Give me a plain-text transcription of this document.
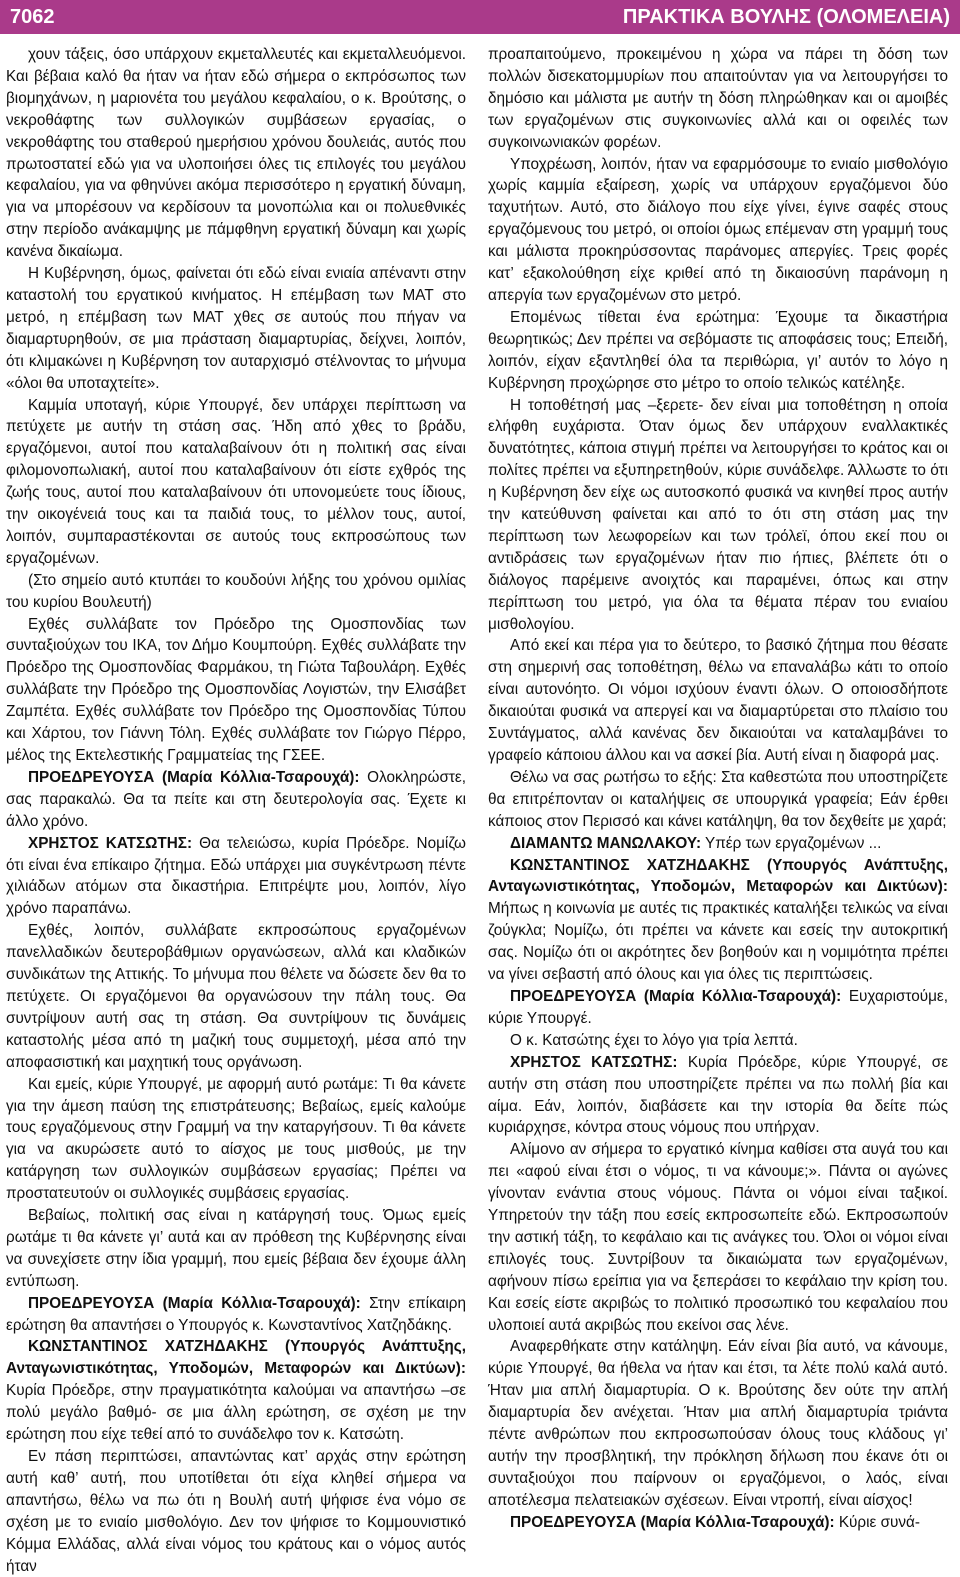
7062	ΠΡΑΚΤΙΚΑ ΒΟΥΛΗΣ (ΟΛΟΜΕΛΕΙΑ)

χουν τάξεις, όσο υπάρχουν εκμεταλλευτές και εκμεταλλευόμενοι. Και βέβαια καλό θα ήταν να ήταν εδώ σήμερα ο εκπρόσωπος των βιομηχάνων, η μαριονέτα του μεγάλου κεφαλαίου, ο κ. Βρούτσης, ο νεκροθάφτης των συλλογικών συμβάσεων εργασίας, ο νεκροθάφτης του σταθερού ημερήσιου χρόνου δουλειάς, αυτός που πρωτοστατεί εδώ για να υλοποιήσει όλες τις επιλογές του μεγάλου κεφαλαίου, για να φθηνύνει ακόμα περισσότερο η εργατική δύναμη, για να μπορέσουν να κερδίσουν τα μονοπώλια και οι πολυεθνικές στην περίοδο ανάκαμψης με πάμφθηνη εργατική δύναμη και χωρίς κανένα δικαίωμα.

Η Κυβέρνηση, όμως, φαίνεται ότι εδώ είναι ενιαία απέναντι στην καταστολή του εργατικού κινήματος. Η επέμβαση των ΜΑΤ στο μετρό, η επέμβαση των ΜΑΤ χθες σε αυτούς που πήγαν να διαμαρτυρηθούν, σε μια πράσταση διαμαρτυρίας, δείχνει, λοιπόν, ότι κλιμακώνει η Κυβέρνηση τον αυταρχισμό στέλνοντας το μήνυμα «όλοι θα υποταχτείτε».

Καμμία υποταγή, κύριε Υπουργέ, δεν υπάρχει περίπτωση να πετύχετε με αυτήν τη στάση σας. Ήδη από χθες το βράδυ, εργαζόμενοι, αυτοί που καταλαβαίνουν ότι η πολιτική σας είναι φιλομονοπωλιακή, αυτοί που καταλαβαίνουν ότι είστε εχθρός της ζωής τους, αυτοί που καταλαβαίνουν ότι υπονομεύετε τους ίδιους, την οικογένειά τους και τα παιδιά τους, το μέλλον τους, αυτοί, λοιπόν, συμπαραστέκονται σε αυτούς τους εκπροσώπους των εργαζομένων.

(Στο σημείο αυτό κτυπάει το κουδούνι λήξης του χρόνου ομιλίας του κυρίου Βουλευτή)

Εχθές συλλάβατε τον Πρόεδρο της Ομοσπονδίας των συνταξιούχων του ΙΚΑ, τον Δήμο Κουμπούρη. Εχθές συλλάβατε την Πρόεδρο της Ομοσπονδίας Φαρμάκου, τη Γιώτα Ταβουλάρη. Εχθές συλλάβατε την Πρόεδρο της Ομοσπονδίας Λογιστών, την Ελισάβετ Ζαμπέτα. Εχθές συλλάβατε τον Πρόεδρο της Ομοσπονδίας Τύπου και Χάρτου, τον Γιάννη Τόλη. Εχθές συλλάβατε τον Γιώργο Πέρρο, μέλος της Εκτελεστικής Γραμματείας της ΓΣΕΕ.

ΠΡΟΕΔΡΕΥΟΥΣΑ (Μαρία Κόλλια-Τσαρουχά): Ολοκληρώστε, σας παρακαλώ. Θα τα πείτε και στη δευτερολογία σας. Έχετε κι άλλο χρόνο.

ΧΡΗΣΤΟΣ ΚΑΤΣΩΤΗΣ: Θα τελειώσω, κυρία Πρόεδρε. Νομίζω ότι είναι ένα επίκαιρο ζήτημα. Εδώ υπάρχει μια συγκέντρωση πέντε χιλιάδων ατόμων στα δικαστήρια. Επιτρέψτε μου, λοιπόν, λίγο χρόνο παραπάνω.

Εχθές, λοιπόν, συλλάβατε εκπροσώπους εργαζομένων πανελλαδικών δευτεροβάθμιων οργανώσεων, αλλά και κλαδικών συνδικάτων της Αττικής. Το μήνυμα που θέλετε να δώσετε δεν θα το πετύχετε. Οι εργαζόμενοι θα οργανώσουν την πάλη τους. Θα συντρίψουν αυτή σας τη στάση. Θα συντρίψουν τις δυνάμεις καταστολής μέσα από τη μαζική τους συμμετοχή, μέσα από την αποφασιστική και μαχητική τους οργάνωση.

Και εμείς, κύριε Υπουργέ, με αφορμή αυτό ρωτάμε: Τι θα κάνετε για την άμεση παύση της επιστράτευσης; Βεβαίως, εμείς καλούμε τους εργαζόμενους στην Γραμμή να την καταργήσουν. Τι θα κάνετε για να ακυρώσετε αυτό το αίσχος με τους μισθούς, με την κατάργηση των συλλογικών συμβάσεων εργασίας; Πρέπει να προστατευτούν οι συλλογικές συμβάσεις εργασίας.

Βεβαίως, πολιτική σας είναι η κατάργησή τους. Όμως εμείς ρωτάμε τι θα κάνετε γι’ αυτά και αν πρόθεση της Κυβέρνησης είναι να συνεχίσετε στην ίδια γραμμή, που εμείς βέβαια δεν έχουμε άλλη εντύπωση.

ΠΡΟΕΔΡΕΥΟΥΣΑ (Μαρία Κόλλια-Τσαρουχά): Στην επίκαιρη ερώτηση θα απαντήσει ο Υπουργός κ. Κωνσταντίνος Χατζηδάκης.

ΚΩΝΣΤΑΝΤΙΝΟΣ ΧΑΤΖΗΔΑΚΗΣ (Υπουργός Ανάπτυξης, Ανταγωνιστικότητας, Υποδομών, Μεταφορών και Δικτύων): Κυρία Πρόεδρε, στην πραγματικότητα καλούμαι να απαντήσω –σε πολύ μεγάλο βαθμό- σε μια άλλη ερώτηση, σε σχέση με την ερώτηση που είχε τεθεί από το συνάδελφο τον κ. Κατσώτη.

Εν πάση περιπτώσει, απαντώντας κατ’ αρχάς στην ερώτηση αυτή καθ’ αυτή, που υποτίθεται ότι είχα κληθεί σήμερα να απαντήσω, θέλω να πω ότι η Βουλή αυτή ψήφισε ένα νόμο σε σχέση με το ενιαίο μισθολόγιο. Δεν τον ψήφισε το Κομμουνιστικό Κόμμα Ελλάδας, αλλά είναι νόμος του κράτους και ο νόμος αυτός ήταν

προαπαιτούμενο, προκειμένου η χώρα να πάρει τη δόση των πολλών δισεκατομμυρίων που απαιτούνταν για να λειτουργήσει το δημόσιο και μάλιστα με αυτήν τη δόση πληρώθηκαν και οι αμοιβές των εργαζομένων στις συγκοινωνίες αλλά και οι οφειλές των συγκοινωνιακών φορέων.

Υποχρέωση, λοιπόν, ήταν να εφαρμόσουμε το ενιαίο μισθολόγιο χωρίς καμμία εξαίρεση, χωρίς να υπάρχουν εργαζόμενοι δύο ταχυτήτων. Αυτό, στο διάλογο που είχε γίνει, έγινε σαφές στους εργαζόμενους του μετρό, οι οποίοι όμως επέμεναν στη γραμμή τους και μάλιστα προκηρύσσοντας παράνομες απεργίες. Τρεις φορές κατ’ εξακολούθηση είχε κριθεί από τη δικαιοσύνη παράνομη η απεργία των εργαζομένων στο μετρό.

Επομένως τίθεται ένα ερώτημα: Έχουμε τα δικαστήρια θεωρητικώς; Δεν πρέπει να σεβόμαστε τις αποφάσεις τους; Επειδή, λοιπόν, είχαν εξαντληθεί όλα τα περιθώρια, γι’ αυτόν το λόγο η Κυβέρνηση προχώρησε στο μέτρο το οποίο τελικώς κατέληξε.

Η τοποθέτησή μας –ξερετε- δεν είναι μια τοποθέτηση η οποία ελήφθη ευχάριστα. Όταν όμως δεν υπάρχουν εναλλακτικές δυνατότητες, κάποια στιγμή πρέπει να λειτουργήσει το κράτος και οι πολίτες πρέπει να εξυπηρετηθούν, κύριε συνάδελφε. Άλλωστε το ότι η Κυβέρνηση δεν είχε ως αυτοσκοπό φυσικά να κινηθεί προς αυτήν την κατεύθυνση φαίνεται και από το ότι στη στάση μας την περίπτωση των λεωφορείων και των τρόλεϊ, όπου εκεί που οι αντιδράσεις των εργαζομένων ήταν πιο ήπιες, βλέπετε ότι ο διάλογος παρέμεινε ανοιχτός και παραμένει, όπως και στην περίπτωση του μετρό, για όλα τα θέματα πέραν του ενιαίου μισθολογίου.

Από εκεί και πέρα για το δεύτερο, το βασικό ζήτημα που θέσατε στη σημερινή σας τοποθέτηση, θέλω να επαναλάβω κάτι το οποίο είναι αυτονόητο. Οι νόμοι ισχύουν έναντι όλων. Ο οποιοσδήποτε δικαιούται φυσικά να απεργεί και να διαμαρτύρεται στο πλαίσιο του Συντάγματος, αλλά κανένας δεν δικαιούται να καταλαμβάνει το γραφείο κάποιου άλλου και να ασκεί βία. Αυτή είναι η διαφορά μας.

Θέλω να σας ρωτήσω το εξής: Στα καθεστώτα που υποστηρίζετε θα επιτρέπονταν οι καταλήψεις σε υπουργικά γραφεία; Εάν έρθει κάποιος στον Περισσό και κάνει κατάληψη, θα τον δεχθείτε με χαρά;

ΔΙΑΜΑΝΤΩ ΜΑΝΩΛΑΚΟΥ: Υπέρ των εργαζομένων ...

ΚΩΝΣΤΑΝΤΙΝΟΣ ΧΑΤΖΗΔΑΚΗΣ (Υπουργός Ανάπτυξης, Ανταγωνιστικότητας, Υποδομών, Μεταφορών και Δικτύων): Μήπως η κοινωνία με αυτές τις πρακτικές καταλήξει τελικώς να είναι ζούγκλα; Νομίζω, ότι πρέπει να κάνετε και εσείς την αυτοκριτική σας. Νομίζω ότι οι ακρότητες δεν βοηθούν και η νομιμότητα πρέπει να γίνει σεβαστή από όλους και για όλες τις περιπτώσεις.

ΠΡΟΕΔΡΕΥΟΥΣΑ (Μαρία Κόλλια-Τσαρουχά): Ευχαριστούμε, κύριε Υπουργέ.

Ο κ. Κατσώτης έχει το λόγο για τρία λεπτά.

ΧΡΗΣΤΟΣ ΚΑΤΣΩΤΗΣ: Κυρία Πρόεδρε, κύριε Υπουργέ, σε αυτήν στη στάση που υποστηρίζετε πρέπει να πω πολλή βία και αίμα. Εάν, λοιπόν, διαβάσετε και την ιστορία θα δείτε πώς κυριάρχησε, κόντρα στους νόμους που υπήρχαν.

Αλίμονο αν σήμερα το εργατικό κίνημα καθίσει στα αυγά του και πει «αφού είναι έτσι ο νόμος, τι να κάνουμε;». Πάντα οι αγώνες γίνονταν ενάντια στους νόμους. Πάντα οι νόμοι είναι ταξικοί. Υπηρετούν την τάξη που εσείς εκπροσωπείτε εδώ. Εκπροσωπούν την αστική τάξη, το κεφάλαιο και τις ανάγκες του. Όλοι οι νόμοι είναι επιλογές τους. Συντρίβουν τα δικαιώματα των εργαζομένων, αφήνουν πίσω ερείπια για να ξεπεράσει το κεφάλαιο την κρίση του. Και εσείς είστε ακριβώς το πολιτικό προσωπικό του κεφαλαίου που υλοποιεί αυτά ακριβώς που εκείνοι σας λένε.

Αναφερθήκατε στην κατάληψη. Εάν είναι βία αυτό, να κάνουμε, κύριε Υπουργέ, θα ήθελα να ήταν και έτσι, τα λέτε πολύ καλά αυτό. Ήταν μια απλή διαμαρτυρία. Ο κ. Βρούτσης δεν ούτε την απλή διαμαρτυρία δεν ανέχεται. Ήταν μια απλή διαμαρτυρία τριάντα πέντε ανθρώπων που εκπροσωπούσαν όλους τους κλάδους γι’ αυτήν την προσβλητική, την πρόκληση δήλωση που έκανε ότι οι συνταξιούχοι που παίρνουν οι εργαζόμενοι, ο λαός, είναι αποτέλεσμα πελατειακών σχέσεων. Είναι ντροπή, είναι αίσχος!

ΠΡΟΕΔΡΕΥΟΥΣΑ (Μαρία Κόλλια-Τσαρουχά): Κύριε συνά-
